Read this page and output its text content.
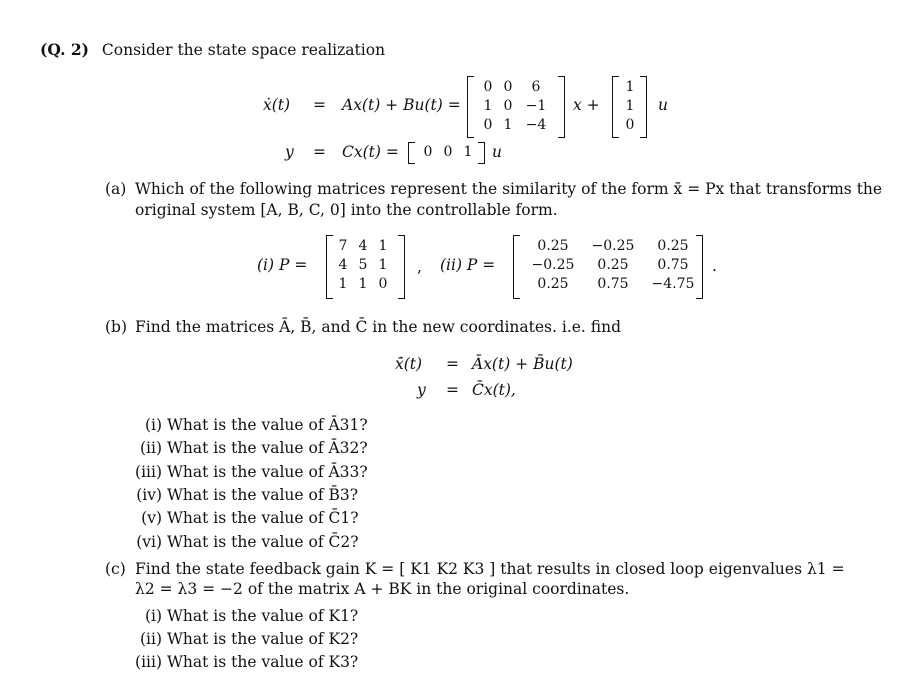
(Q. 2) Consider the state space realization
ẋ(t) = Ax(t) + Bu(t) =
0 0	6
1 0 −1
0 1 −4
x +
1
1
0
u
y = Cx(t) =	0 0 1	u
(a) Which of the following matrices represent the similarity of the form x̄ = Px that transforms the
original system [A, B, C, 0] into the controllable form.
(i) P =
7 4 1
4 5 1
1 1 0
, (ii) P =
0.25	−0.25	0.25
−0.25	0.25	0.75
0.25	0.75	−4.75
.
(b) Find the matrices Ā, B̄, and C̄ in the new coordinates. i.e. find
x̄̇(t) = Āx(t) + B̄u(t)
y = C̄x(t),
(i) What is the value of Ā31?
(ii) What is the value of Ā32?
(iii) What is the value of Ā33?
(iv) What is the value of B̄3?
(v) What is the value of C̄1?
(vi) What is the value of C̄2?
(c) Find the state feedback gain K = [ K1 K2 K3 ] that results in closed loop eigenvalues λ1 =
λ2 = λ3 = −2 of the matrix A + BK in the original coordinates.
(i) What is the value of K1?
(ii) What is the value of K2?
(iii) What is the value of K3?
